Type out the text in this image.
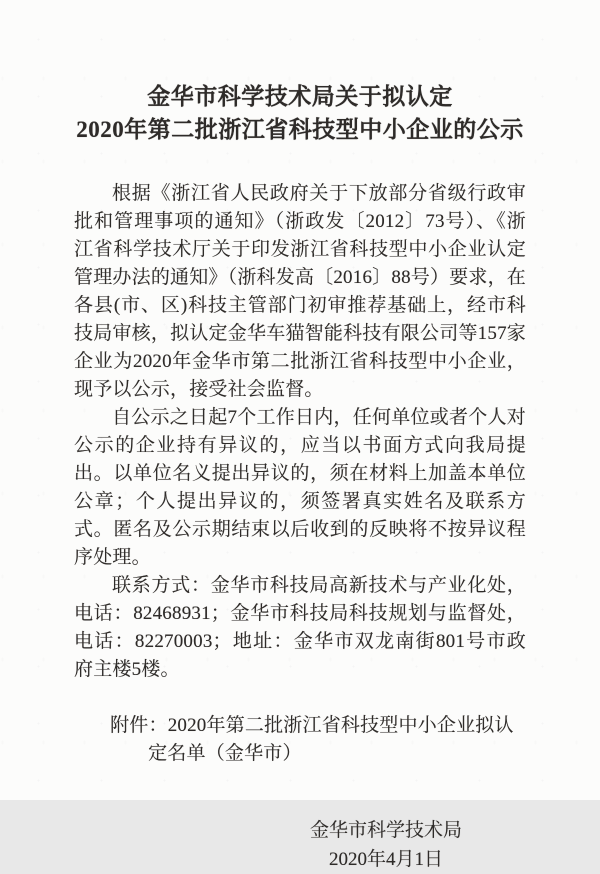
金华市科学技术局关于拟认定
2020年第二批浙江省科技型中小企业的公示

根据《浙江省人民政府关于下放部分省级行政审批和管理事项的通知》（浙政发〔2012〕73号）、《浙江省科学技术厅关于印发浙江省科技型中小企业认定管理办法的通知》（浙科发高〔2016〕88号）要求，在各县(市、区)科技主管部门初审推荐基础上，经市科技局审核，拟认定金华车猫智能科技有限公司等157家企业为2020年金华市第二批浙江省科技型中小企业，现予以公示，接受社会监督。

自公示之日起7个工作日内，任何单位或者个人对公示的企业持有异议的，应当以书面方式向我局提出。以单位名义提出异议的，须在材料上加盖本单位公章；个人提出异议的，须签署真实姓名及联系方式。匿名及公示期结束以后收到的反映将不按异议程序处理。

联系方式：金华市科技局高新技术与产业化处，电话：82468931；金华市科技局科技规划与监督处，电话：82270003；地址：金华市双龙南街801号市政府主楼5楼。

附件：2020年第二批浙江省科技型中小企业拟认定名单（金华市）
金华市科学技术局
2020年4月1日
